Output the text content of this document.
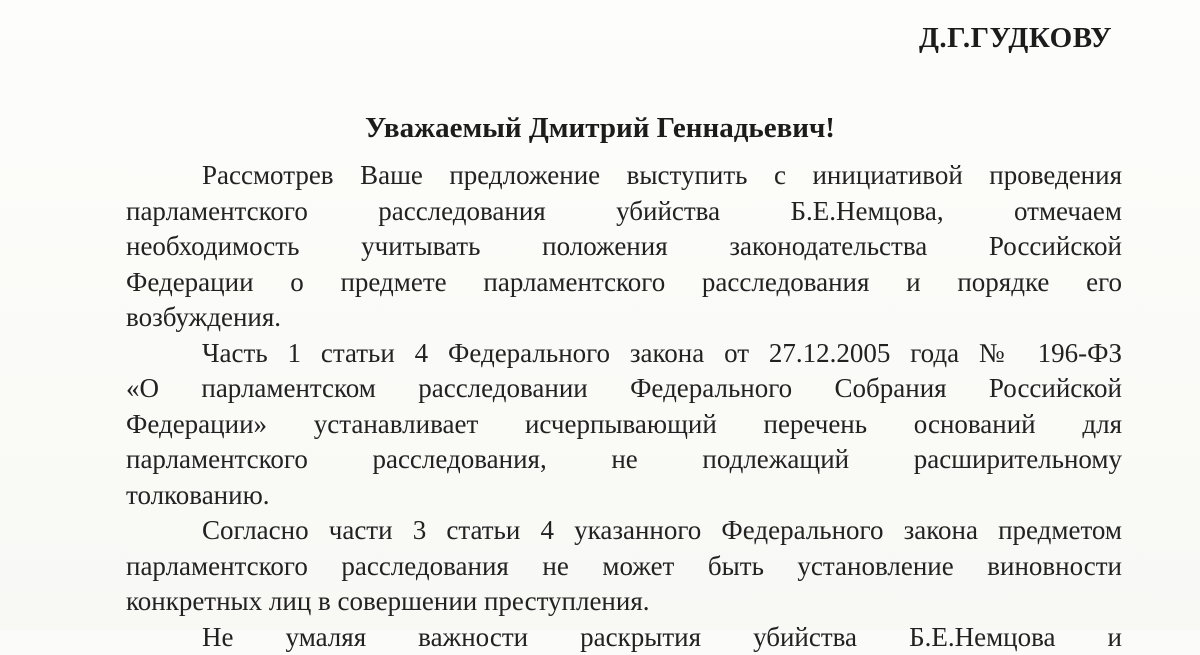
Д.Г.ГУДКОВУ
Уважаемый Дмитрий Геннадьевич!

Рассмотрев Ваше предложение выступить с инициативой проведения
парламентского расследования убийства Б.Е.Немцова, отмечаем
необходимость учитывать положения законодательства Российской
Федерации о предмете парламентского расследования и порядке его
возбуждения.

Часть 1 статьи 4 Федерального закона от 27.12.2005 года № 196-ФЗ
«О парламентском расследовании Федерального Собрания Российской
Федерации» устанавливает исчерпывающий перечень оснований для
парламентского расследования, не подлежащий расширительному
толкованию.

Согласно части 3 статьи 4 указанного Федерального закона предметом
парламентского расследования не может быть установление виновности
конкретных лиц в совершении преступления.

Не умаляя важности раскрытия убийства Б.Е.Немцова и
